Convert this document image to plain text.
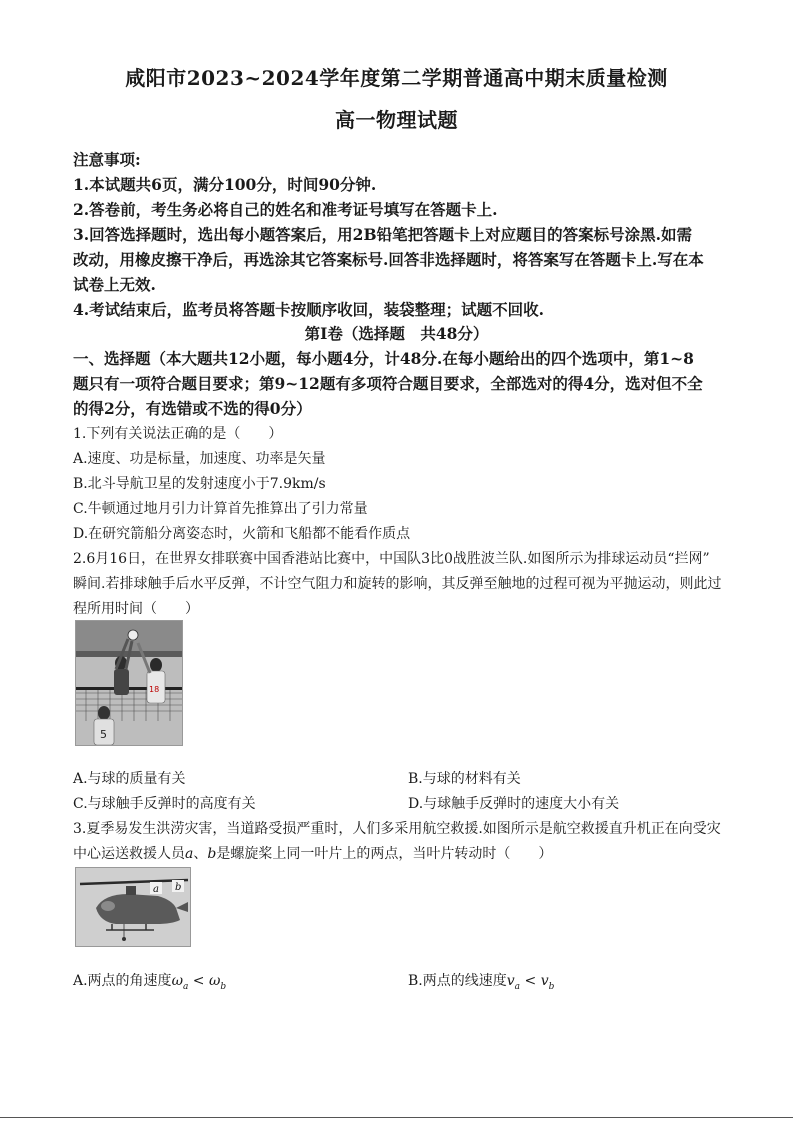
咸阳市2023~2024学年度第二学期普通高中期末质量检测
高一物理试题
注意事项:
1.本试题共6页，满分100分，时间90分钟.
2.答卷前，考生务必将自己的姓名和准考证号填写在答题卡上.
3.回答选择题时，选出每小题答案后，用2B铅笔把答题卡上对应题目的答案标号涂黑.如需
改动，用橡皮擦干净后，再选涂其它答案标号.回答非选择题时，将答案写在答题卡上.写在本
试卷上无效.
4.考试结束后，监考员将答题卡按顺序收回，装袋整理；试题不回收.
第Ⅰ卷（选择题　共48分）
一、选择题（本大题共12小题，每小题4分，计48分.在每小题给出的四个选项中，第1~8
题只有一项符合题目要求；第9~12题有多项符合题目要求，全部选对的得4分，选对但不全
的得2分，有选错或不选的得0分）
1.下列有关说法正确的是（　　）
A.速度、功是标量，加速度、功率是矢量
B.北斗导航卫星的发射速度小于7.9km/s
C.牛顿通过地月引力计算首先推算出了引力常量
D.在研究箭船分离姿态时，火箭和飞船都不能看作质点
2.6月16日，在世界女排联赛中国香港站比赛中，中国队3比0战胜波兰队.如图所示为排球运动员“拦网”
瞬间.若排球触手后水平反弹，不计空气阻力和旋转的影响，其反弹至触地的过程可视为平抛运动，则此过
程所用时间（　　）
5
18
A.与球的质量有关	B.与球的材料有关
C.与球触手反弹时的高度有关	D.与球触手反弹时的速度大小有关
3.夏季易发生洪涝灾害，当道路受损严重时，人们多采用航空救援.如图所示是航空救援直升机正在向受灾
中心运送救援人员a、b是螺旋桨上同一叶片上的两点，当叶片转动时（　　）
a b
A.两点的角速度$\omega_a < \omega_b$	B.两点的线速度$v_a < v_b$
